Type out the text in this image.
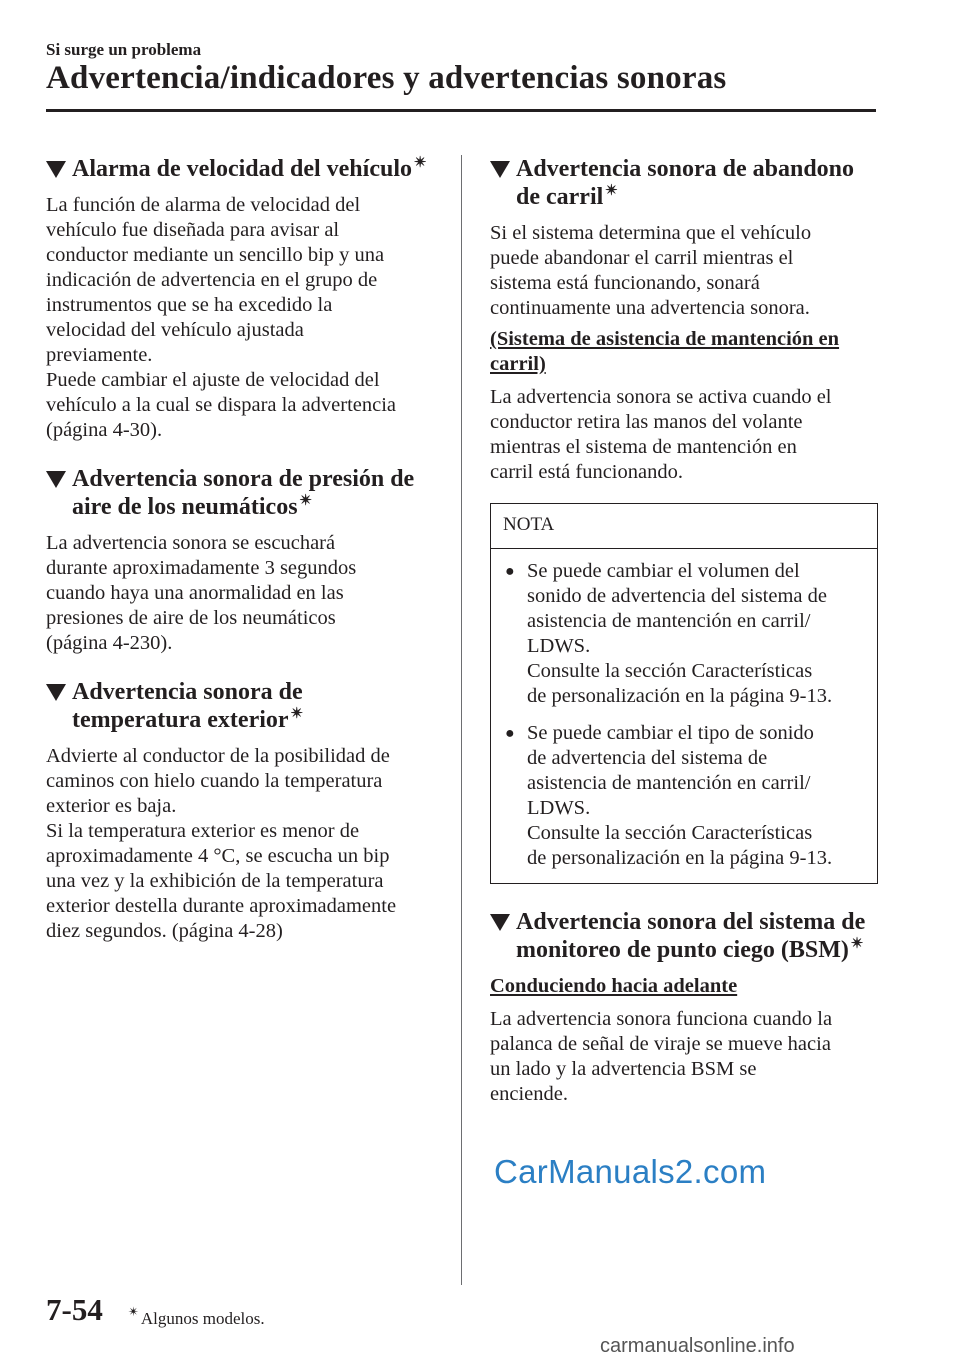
Si surge un problema
Advertencia/indicadores y advertencias sonoras
Alarma de velocidad del vehículo ✴
La función de alarma de velocidad del
vehículo fue diseñada para avisar al
conductor mediante un sencillo bip y una
indicación de advertencia en el grupo de
instrumentos que se ha excedido la
velocidad del vehículo ajustada
previamente.
Puede cambiar el ajuste de velocidad del
vehículo a la cual se dispara la advertencia
(página 4-30).
Advertencia sonora de presión de aire de los neumáticos ✴
La advertencia sonora se escuchará
durante aproximadamente 3 segundos
cuando haya una anormalidad en las
presiones de aire de los neumáticos
(página 4-230).
Advertencia sonora de temperatura exterior ✴
Advierte al conductor de la posibilidad de
caminos con hielo cuando la temperatura
exterior es baja.
Si la temperatura exterior es menor de
aproximadamente 4 °C, se escucha un bip
una vez y la exhibición de la temperatura
exterior destella durante aproximadamente
diez segundos. (página 4-28)
Advertencia sonora de abandono de carril ✴
Si el sistema determina que el vehículo
puede abandonar el carril mientras el
sistema está funcionando, sonará
continuamente una advertencia sonora.
(Sistema de asistencia de mantención en
carril)
La advertencia sonora se activa cuando el
conductor retira las manos del volante
mientras el sistema de mantención en
carril está funcionando.
NOTA
● Se puede cambiar el volumen del
sonido de advertencia del sistema de
asistencia de mantención en carril/
LDWS.
Consulte la sección Características
de personalización en la página 9-13.
● Se puede cambiar el tipo de sonido
de advertencia del sistema de
asistencia de mantención en carril/
LDWS.
Consulte la sección Características
de personalización en la página 9-13.
Advertencia sonora del sistema de monitoreo de punto ciego (BSM) ✴
Conduciendo hacia adelante
La advertencia sonora funciona cuando la
palanca de señal de viraje se mueve hacia
un lado y la advertencia BSM se
enciende.
CarManuals2.com
7-54 ✴ Algunos modelos.
carmanualsonline.info
